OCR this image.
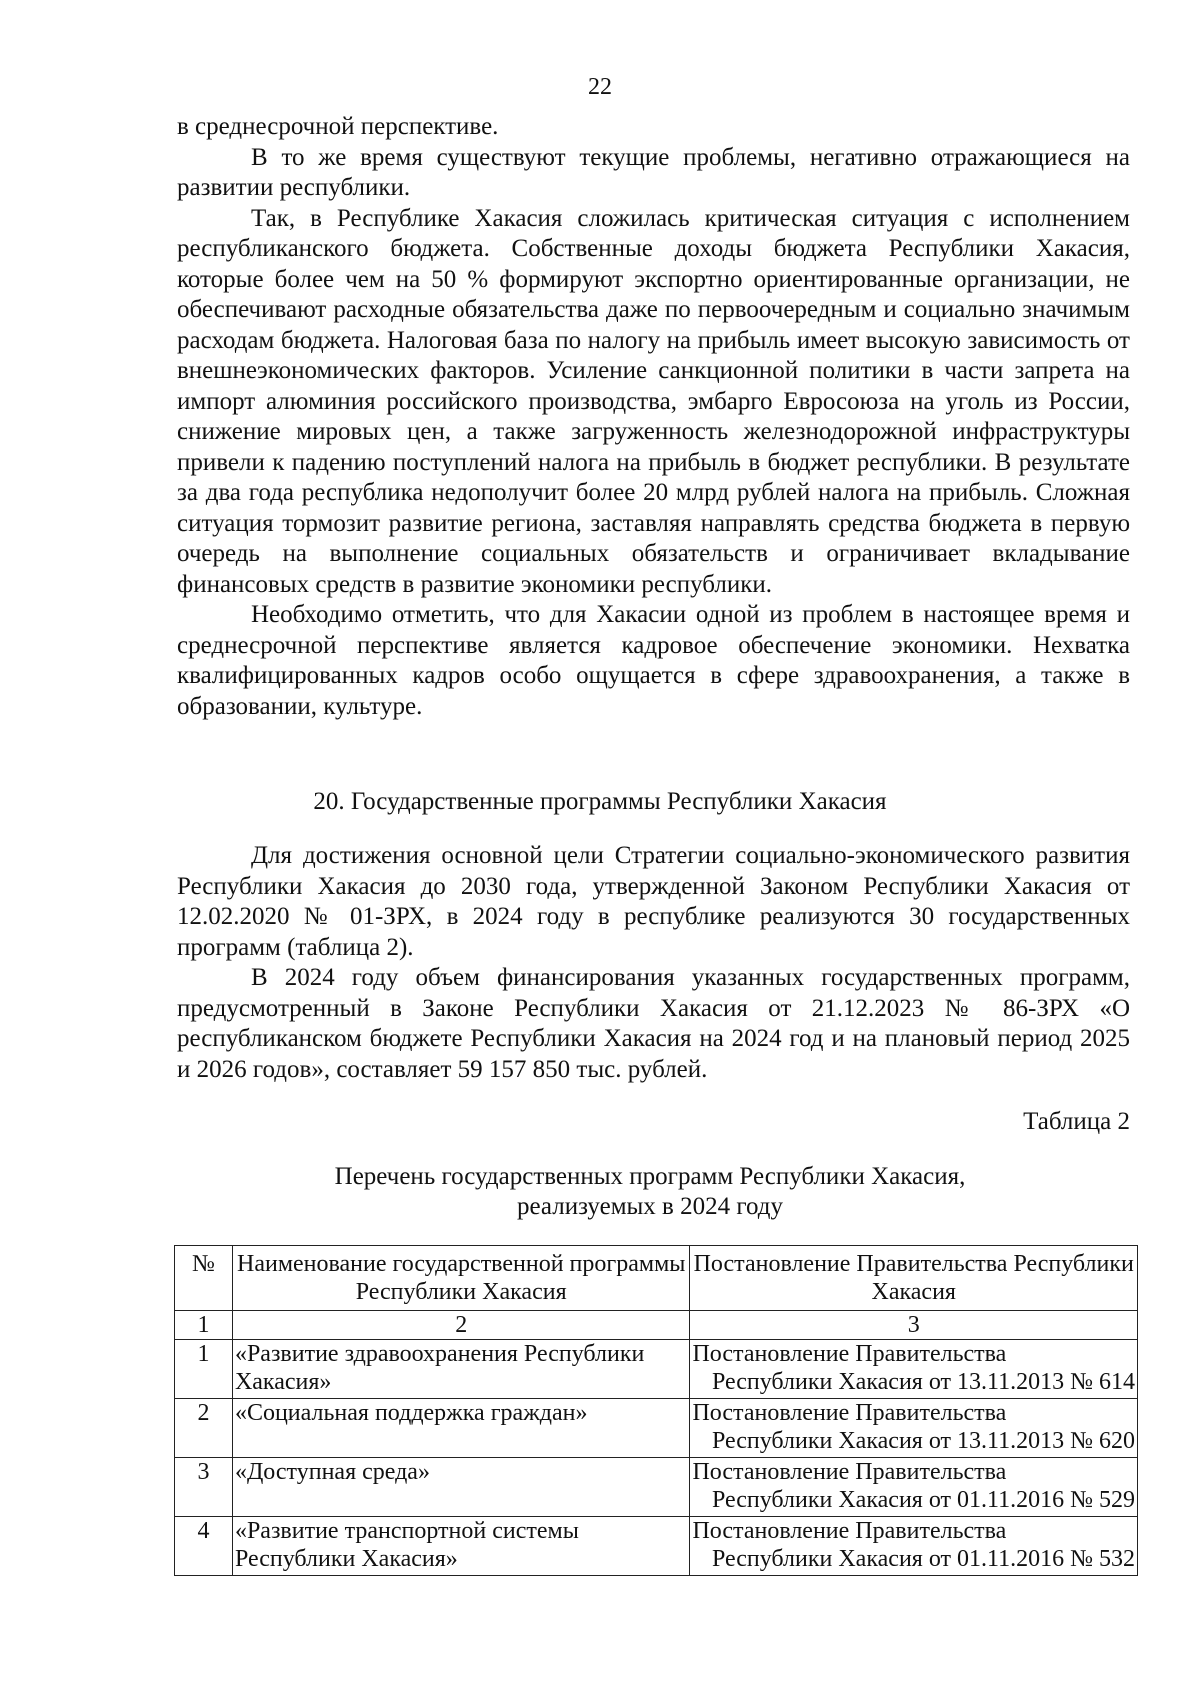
22

в среднесрочной перспективе.

В то же время существуют текущие проблемы, негативно отражающиеся на развитии республики.

Так, в Республике Хакасия сложилась критическая ситуация с исполнением республиканского бюджета. Собственные доходы бюджета Республики Хакасия, которые более чем на 50 % формируют экспортно ориентированные организации, не обеспечивают расходные обязательства даже по первоочередным и социально значимым расходам бюджета. Налоговая база по налогу на прибыль имеет высокую зависимость от внешнеэкономических факторов. Усиление санкционной политики в части запрета на импорт алюминия российского производства, эмбарго Евросоюза на уголь из России, снижение мировых цен, а также загруженность железнодорожной инфраструктуры привели к падению поступлений налога на прибыль в бюджет республики. В результате за два года республика недополучит более 20 млрд рублей налога на прибыль. Сложная ситуация тормозит развитие региона, заставляя направлять средства бюджета в первую очередь на выполнение социальных обязательств и ограничивает вкладывание финансовых средств в развитие экономики республики.

Необходимо отметить, что для Хакасии одной из проблем в настоящее время и среднесрочной перспективе является кадровое обеспечение экономики. Нехватка квалифицированных кадров особо ощущается в сфере здравоохранения, а также в образовании, культуре.

20. Государственные программы Республики Хакасия

Для достижения основной цели Стратегии социально-экономического развития Республики Хакасия до 2030 года, утвержденной Законом Республики Хакасия от 12.02.2020 № 01-ЗРХ, в 2024 году в республике реализуются 30 государственных программ (таблица 2).

В 2024 году объем финансирования указанных государственных программ, предусмотренный в Законе Республики Хакасия от 21.12.2023 № 86-ЗРХ «О республиканском бюджете Республики Хакасия на 2024 год и на плановый период 2025 и 2026 годов», составляет 59 157 850 тыс. рублей.

Таблица 2
Перечень государственных программ Республики Хакасия,
реализуемых в 2024 году
№	Наименование государственной программы Республики Хакасия	Постановление Правительства Республики Хакасия
1	2	3
1	«Развитие здравоохранения Республики Хакасия»	Постановление Правительства
Республики Хакасия от 13.11.2013 № 614

2	«Социальная поддержка граждан»	Постановление Правительства
Республики Хакасия от 13.11.2013 № 620

3	«Доступная среда»	Постановление Правительства
Республики Хакасия от 01.11.2016 № 529

4	«Развитие транспортной системы Республики Хакасия»	Постановление Правительства
Республики Хакасия от 01.11.2016 № 532
